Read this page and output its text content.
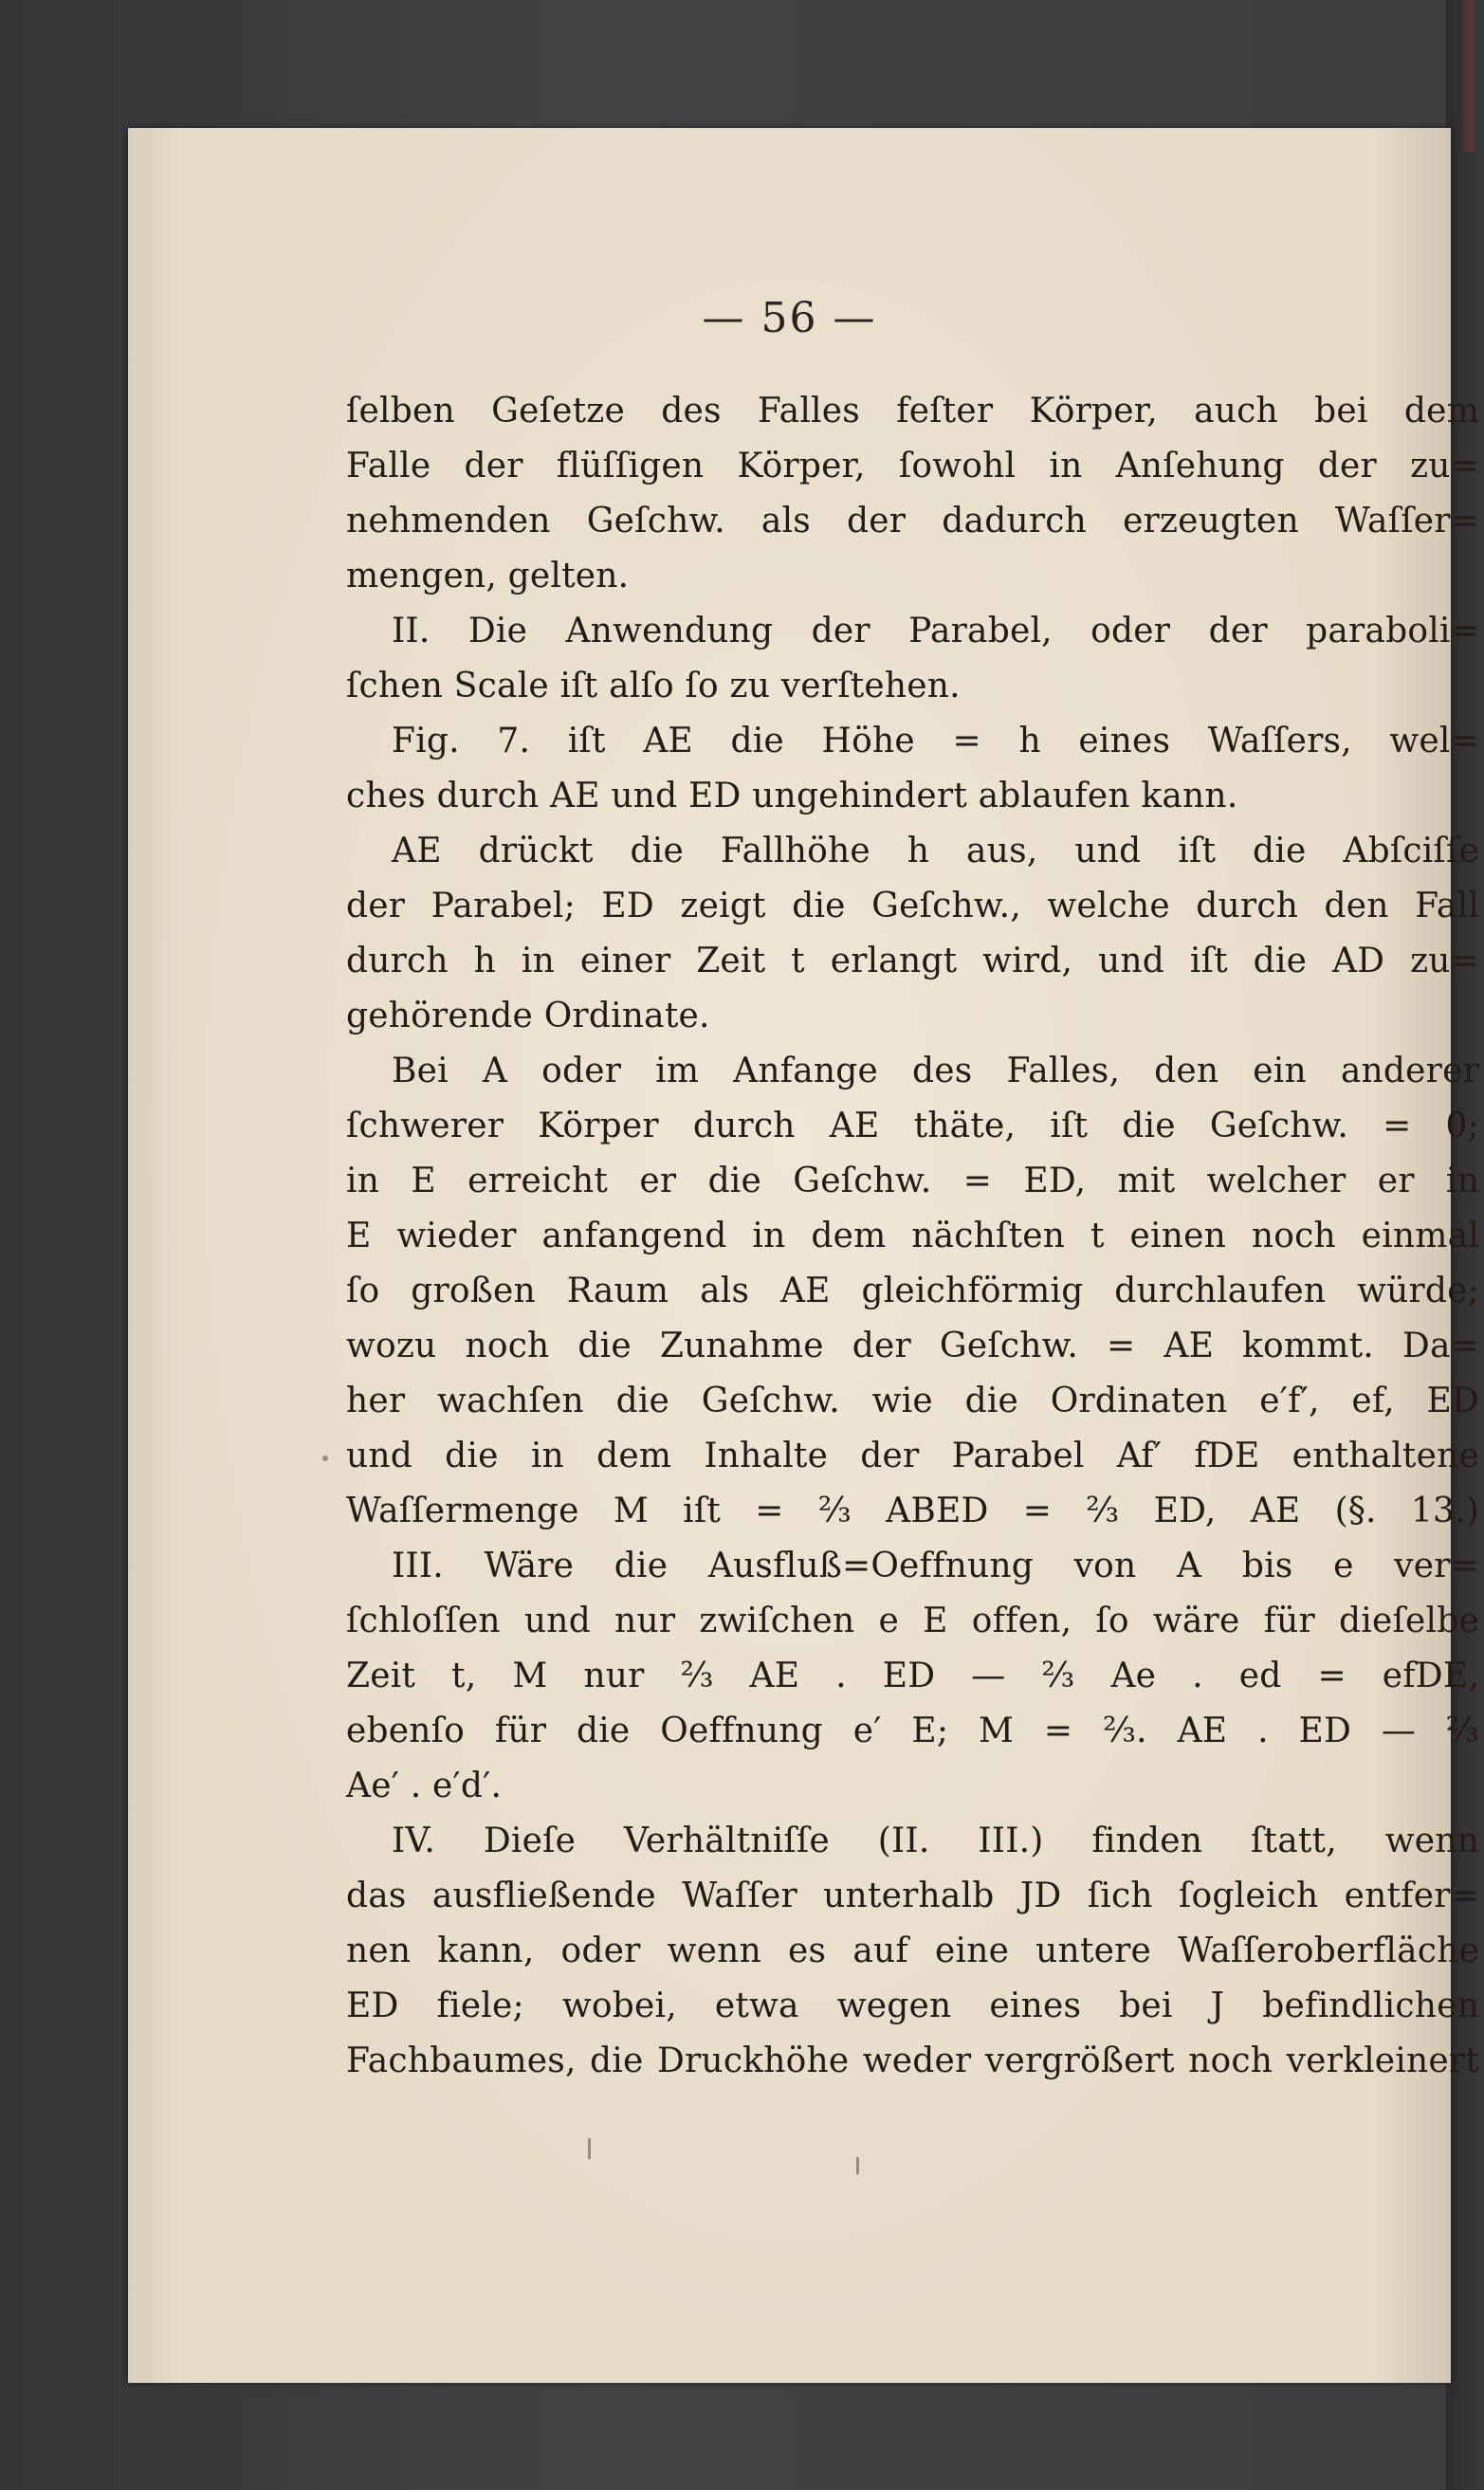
— 56 —
ſelben Geſetze des Falles feſter Körper, auch bei dem
Falle der flüſſigen Körper, ſowohl in Anſehung der zu=
nehmenden Geſchw. als der dadurch erzeugten Waſſer=
mengen, gelten.
II. Die Anwendung der Parabel, oder der paraboli=
ſchen Scale iſt alſo ſo zu verſtehen.
Fig. 7. iſt AE die Höhe = h eines Waſſers, wel=
ches durch AE und ED ungehindert ablaufen kann.
AE drückt die Fallhöhe h aus, und iſt die Abſciſſe
der Parabel; ED zeigt die Geſchw., welche durch den Fall
durch h in einer Zeit t erlangt wird, und iſt die AD zu=
gehörende Ordinate.
Bei A oder im Anfange des Falles, den ein anderer
ſchwerer Körper durch AE thäte, iſt die Geſchw. = 0;
in E erreicht er die Geſchw. = ED, mit welcher er in
E wieder anfangend in dem nächſten t einen noch einmal
ſo großen Raum als AE gleichförmig durchlaufen würde;
wozu noch die Zunahme der Geſchw. = AE kommt. Da=
her wachſen die Geſchw. wie die Ordinaten e′f′, ef, ED
und die in dem Inhalte der Parabel Af′ fDE enthaltene
Waſſermenge M iſt = ⅔ ABED = ⅔ ED, AE (§. 13.)
III. Wäre die Ausfluß=Oeffnung von A bis e ver=
ſchloſſen und nur zwiſchen e E offen, ſo wäre für dieſelbe
Zeit t, M nur ⅔ AE . ED — ⅔ Ae . ed = efDE,
ebenſo für die Oeffnung e′ E; M = ⅔. AE . ED — ⅔
Ae′ . e′d′.
IV. Dieſe Verhältniſſe (II. III.) finden ſtatt, wenn
das ausfließende Waſſer unterhalb JD ſich ſogleich entfer=
nen kann, oder wenn es auf eine untere Waſſeroberfläche
ED fiele; wobei, etwa wegen eines bei J befindlichen
Fachbaumes, die Druckhöhe weder vergrößert noch verkleinert
